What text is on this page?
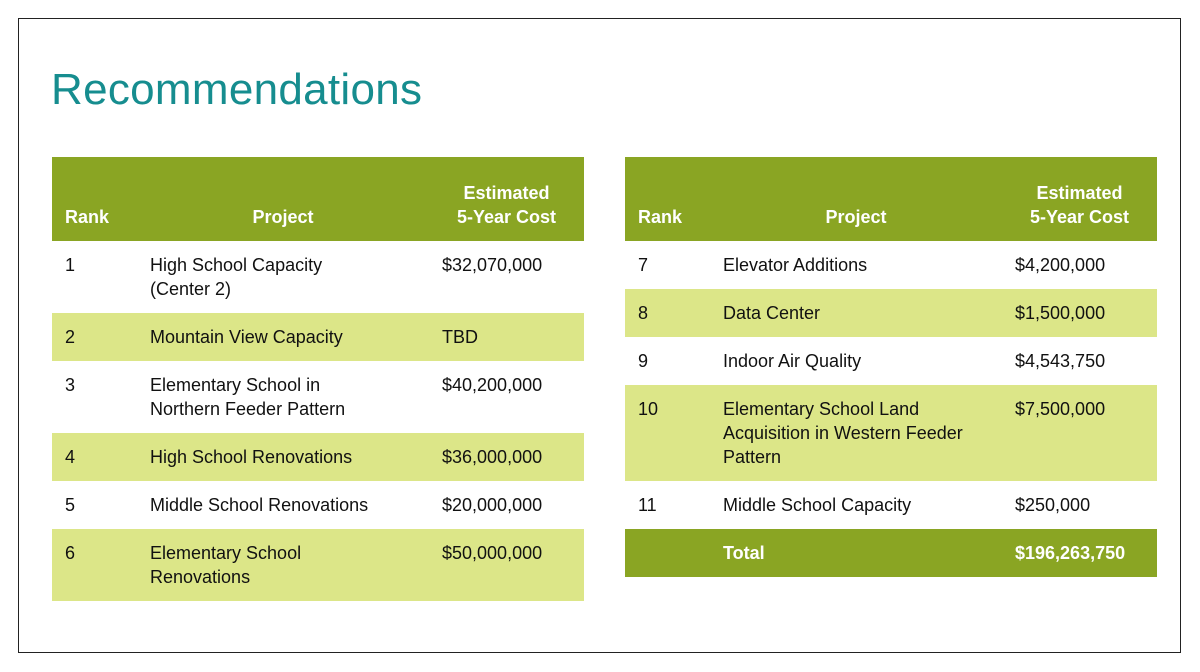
Recommendations
Rank	Project	Estimated
5-Year Cost
1	High School Capacity (Center 2)	$32,070,000
2	Mountain View Capacity	TBD
3	Elementary School in Northern Feeder Pattern	$40,200,000
4	High School Renovations	$36,000,000
5	Middle School Renovations	$20,000,000
6	Elementary School Renovations	$50,000,000
Rank	Project	Estimated
5-Year Cost
7	Elevator Additions	$4,200,000
8	Data Center	$1,500,000
9	Indoor Air Quality	$4,543,750
10	Elementary School Land Acquisition in Western Feeder Pattern	$7,500,000
11	Middle School Capacity	$250,000
	Total	$196,263,750
